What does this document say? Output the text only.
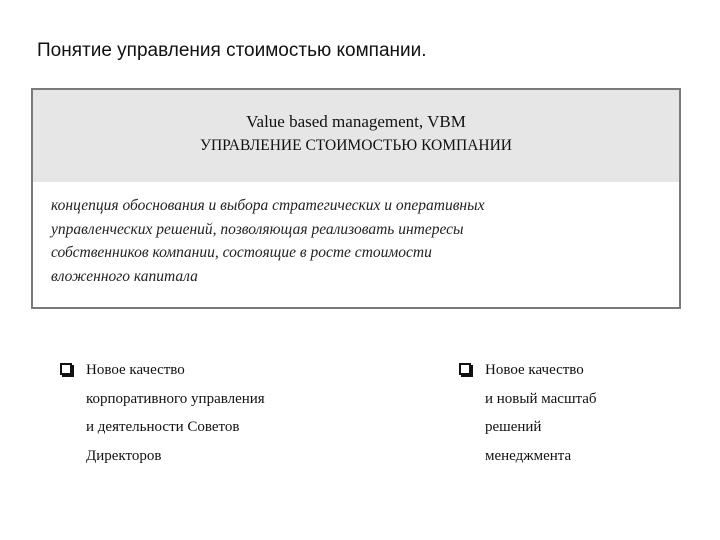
Понятие управления стоимостью компании.
Value based management, VBM
УПРАВЛЕНИЕ СТОИМОСТЬЮ КОМПАНИИ
концепция обоснования и выбора стратегических и оперативных
управленческих решений, позволяющая реализовать интересы
собственников компании, состоящие в росте стоимости
вложенного капитала
Новое качество
корпоративного управления
и деятельности Советов
Директоров
Новое качество
и новый масштаб
решений
менеджмента
